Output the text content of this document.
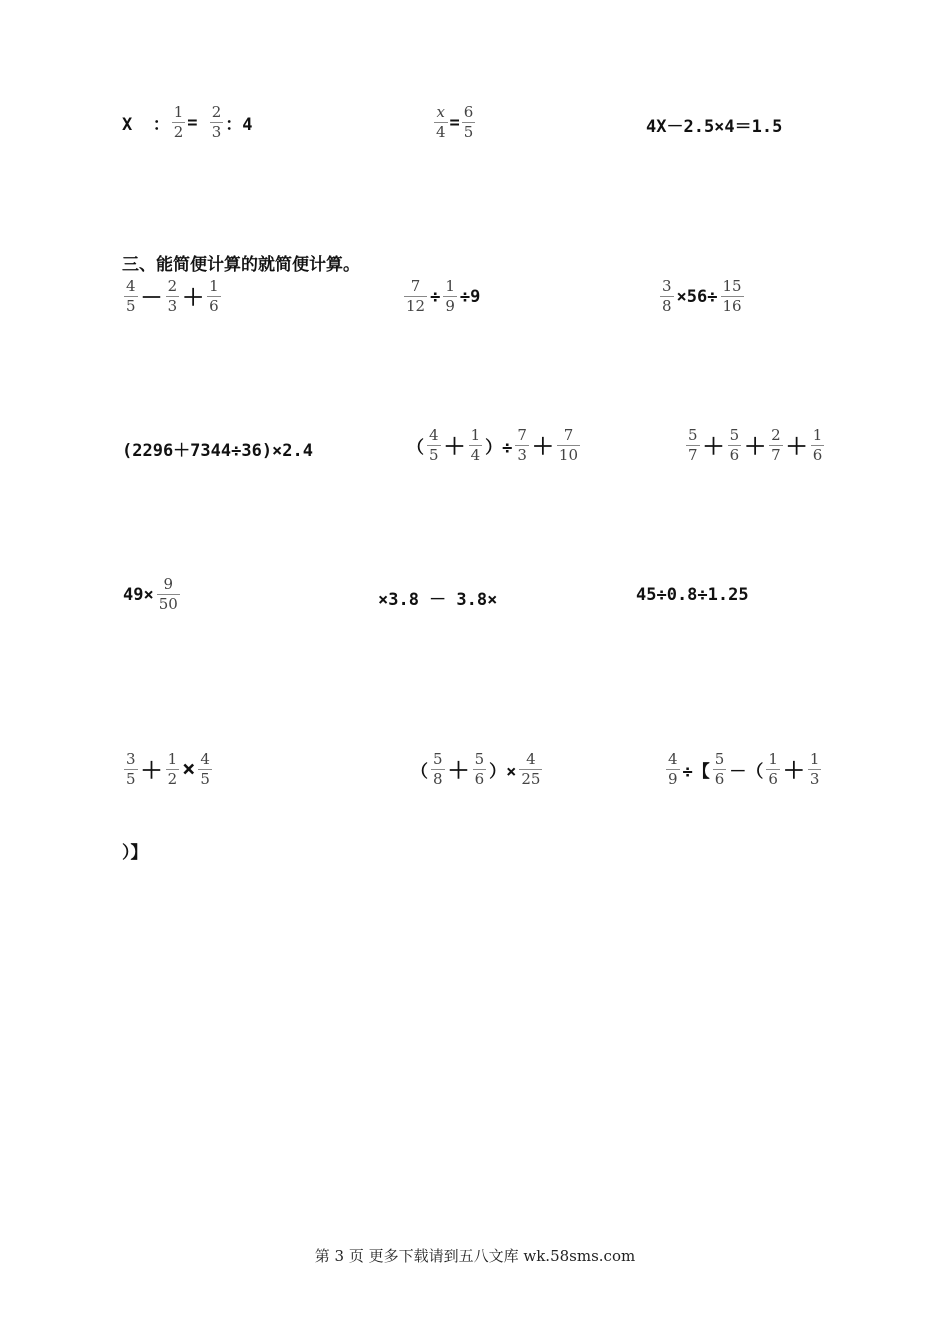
X  ： $\frac{1}{2} = \frac{2}{3}$ ：4	$\frac{x}{4} = \frac{6}{5}$	4X－2.5×4＝1.5
三、能简便计算的就简便计算。
$\frac{4}{5} - \frac{2}{3} + \frac{1}{6}$	$\frac{7}{12} \div \frac{1}{9} \div 9$	$\frac{3}{8} \times 56\div \frac{15}{16}$
(2296＋7344÷36)×2.4	（ $\frac{4}{5} + \frac{1}{4}$ ）÷ $\frac{7}{3} + \frac{7}{10}$	$\frac{5}{7} + \frac{5}{6} + \frac{2}{7} + \frac{1}{6}$
$49\times \frac{9}{50}$	×3.8 － 3.8×	45÷0.8÷1.25
$\frac{3}{5} + \frac{1}{2} \times \frac{4}{5}$	（ $\frac{5}{8} + \frac{5}{6}$ ）× $\frac{4}{25}$	$\frac{4}{9}$ ÷【 $\frac{5}{6}$ －（ $\frac{1}{6} + \frac{1}{3}$
）】
第 3 页 更多下载请到五八文库 wk.58sms.com
